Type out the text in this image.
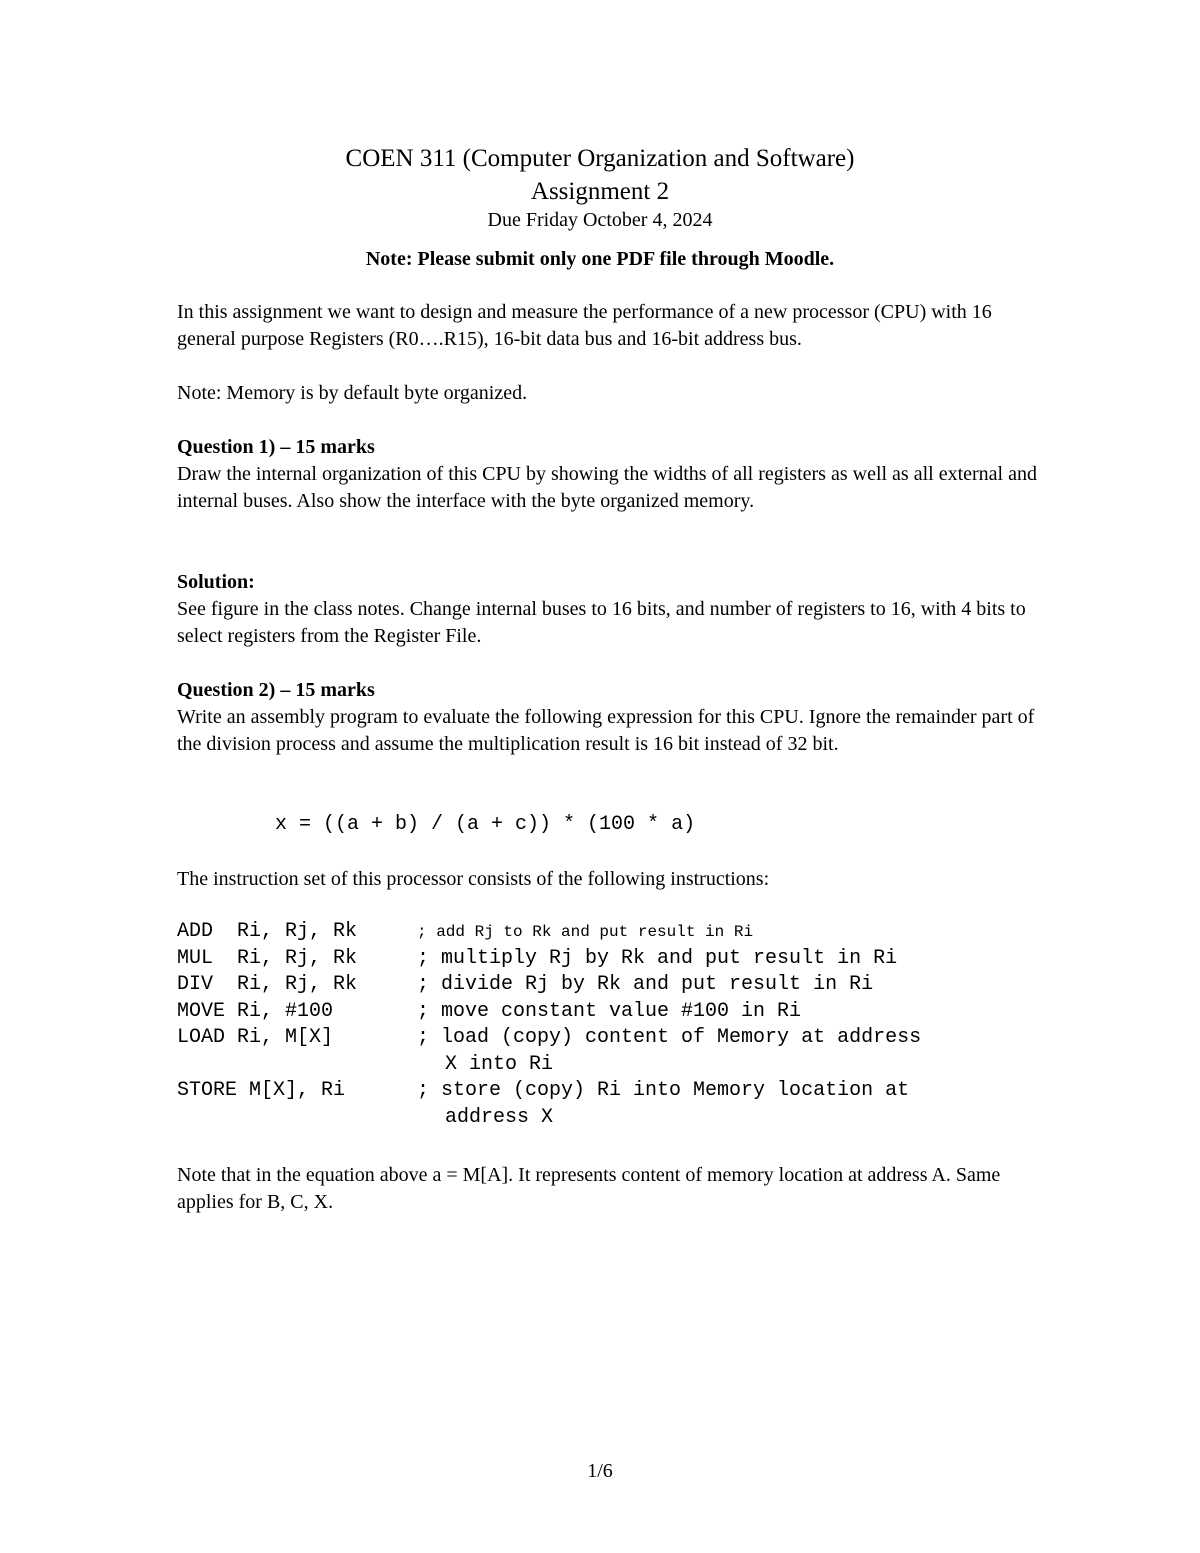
COEN 311 (Computer Organization and Software)
Assignment 2
Due Friday October 4, 2024
Note: Please submit only one PDF file through Moodle.
In this assignment we want to design and measure the performance of a new processor (CPU) with 16 general purpose Registers (R0….R15), 16-bit data bus and 16-bit address bus.
Note: Memory is by default byte organized.
Question 1) – 15 marks
Draw the internal organization of this CPU by showing the widths of all registers as well as all external and internal buses. Also show the interface with the byte organized memory.
Solution:
See figure in the class notes. Change internal buses to 16 bits, and number of registers to 16, with 4 bits to select registers from the Register File.
Question 2) – 15 marks
Write an assembly program to evaluate the following expression for this CPU. Ignore the remainder part of the division process and assume the multiplication result is 16 bit instead of 32 bit.
x = ((a + b) / (a + c)) * (100 * a)
The instruction set of this processor consists of the following instructions:
ADD  Ri, Rj, Rk	; add Rj to Rk and put result in Ri
MUL  Ri, Rj, Rk	; multiply Rj by Rk and put result in Ri
DIV  Ri, Rj, Rk	; divide Rj by Rk and put result in Ri
MOVE Ri, #100	; move constant value #100 in Ri
LOAD Ri, M[X]	; load (copy) content of Memory at address
X into Ri
STORE M[X], Ri	; store (copy) Ri into Memory location at
address X
Note that in the equation above a = M[A]. It represents content of memory location at address A. Same applies for B, C, X.
1/6
